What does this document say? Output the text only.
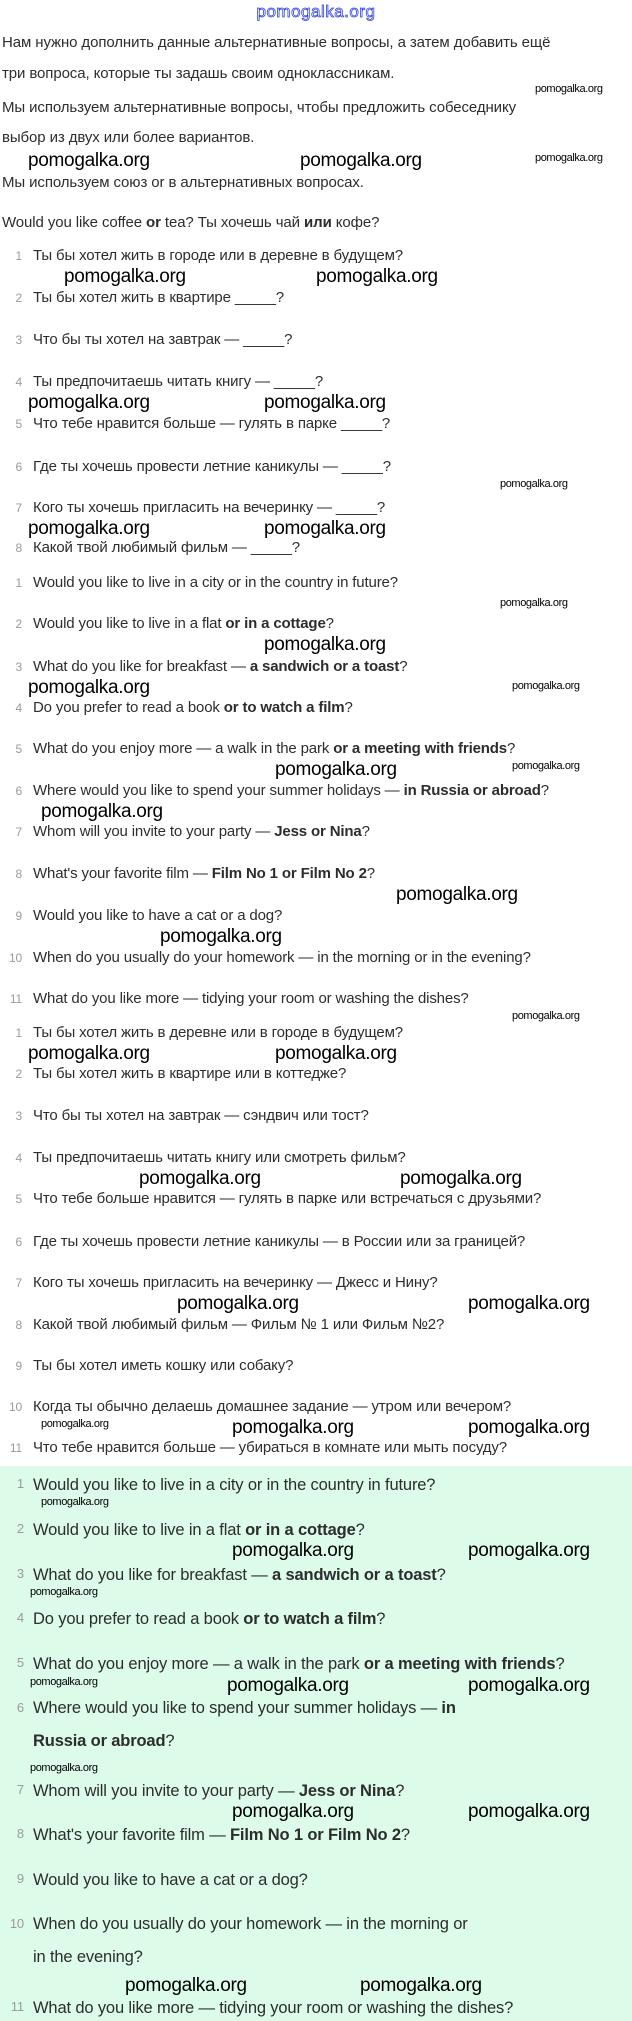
pomogalka.org
Нам нужно дополнить данные альтернативные вопросы, а затем добавить ещё
три вопроса, которые ты задашь своим одноклассникам.
Мы используем альтернативные вопросы, чтобы предложить собеседнику
выбор из двух или более вариантов.
Мы используем союз or в альтернативных вопросах.
Would you like coffee or tea? Ты хочешь чай или кофе?
1 Ты бы хотел жить в городе или в деревне в будущем?
2 Ты бы хотел жить в квартире _____?
3 Что бы ты хотел на завтрак — _____?
4 Ты предпочитаешь читать книгу — _____?
5 Что тебе нравится больше — гулять в парке _____?
6 Где ты хочешь провести летние каникулы — _____?
7 Кого ты хочешь пригласить на вечеринку — _____?
8 Какой твой любимый фильм — _____?
1 Would you like to live in a city or in the country in future?
2 Would you like to live in a flat or in a cottage?
3 What do you like for breakfast — a sandwich or a toast?
4 Do you prefer to read a book or to watch a film?
5 What do you enjoy more — a walk in the park or a meeting with friends?
6 Where would you like to spend your summer holidays — in Russia or abroad?
7 Whom will you invite to your party — Jess or Nina?
8 What's your favorite film — Film No 1 or Film No 2?
9 Would you like to have a cat or a dog?
10 When do you usually do your homework — in the morning or in the evening?
11 What do you like more — tidying your room or washing the dishes?
1 Ты бы хотел жить в деревне или в городе в будущем?
2 Ты бы хотел жить в квартире или в коттедже?
3 Что бы ты хотел на завтрак — сэндвич или тост?
4 Ты предпочитаешь читать книгу или смотреть фильм?
5 Что тебе больше нравится — гулять в парке или встречаться с друзьями?
6 Где ты хочешь провести летние каникулы — в России или за границей?
7 Кого ты хочешь пригласить на вечеринку — Джесс и Нину?
8 Какой твой любимый фильм — Фильм № 1 или Фильм №2?
9 Ты бы хотел иметь кошку или собаку?
10 Когда ты обычно делаешь домашнее задание — утром или вечером?
11 Что тебе нравится больше — убираться в комнате или мыть посуду?
1 Would you like to live in a city or in the country in future?
2 Would you like to live in a flat or in a cottage?
3 What do you like for breakfast — a sandwich or a toast?
4 Do you prefer to read a book or to watch a film?
5 What do you enjoy more — a walk in the park or a meeting with friends?
6 Where would you like to spend your summer holidays — in Russia or abroad?
7 Whom will you invite to your party — Jess or Nina?
8 What's your favorite film — Film No 1 or Film No 2?
9 Would you like to have a cat or a dog?
10 When do you usually do your homework — in the morning or in the evening?
11 What do you like more — tidying your room or washing the dishes?
pomogalka.org	pomogalka.org
pomogalka.org
pomogalka.org
pomogalka.org	pomogalka.org
pomogalka.org	pomogalka.org
pomogalka.org
pomogalka.org	pomogalka.org
pomogalka.org
pomogalka.org
pomogalka.org	pomogalka.org
pomogalka.org	pomogalka.org
pomogalka.org
pomogalka.org
pomogalka.org
pomogalka.org
pomogalka.org	pomogalka.org
pomogalka.org	pomogalka.org
pomogalka.org	pomogalka.org
pomogalka.org	pomogalka.org	pomogalka.org
pomogalka.org
pomogalka.org	pomogalka.org
pomogalka.org
pomogalka.org	pomogalka.org	pomogalka.org
pomogalka.org
pomogalka.org	pomogalka.org
pomogalka.org	pomogalka.org
